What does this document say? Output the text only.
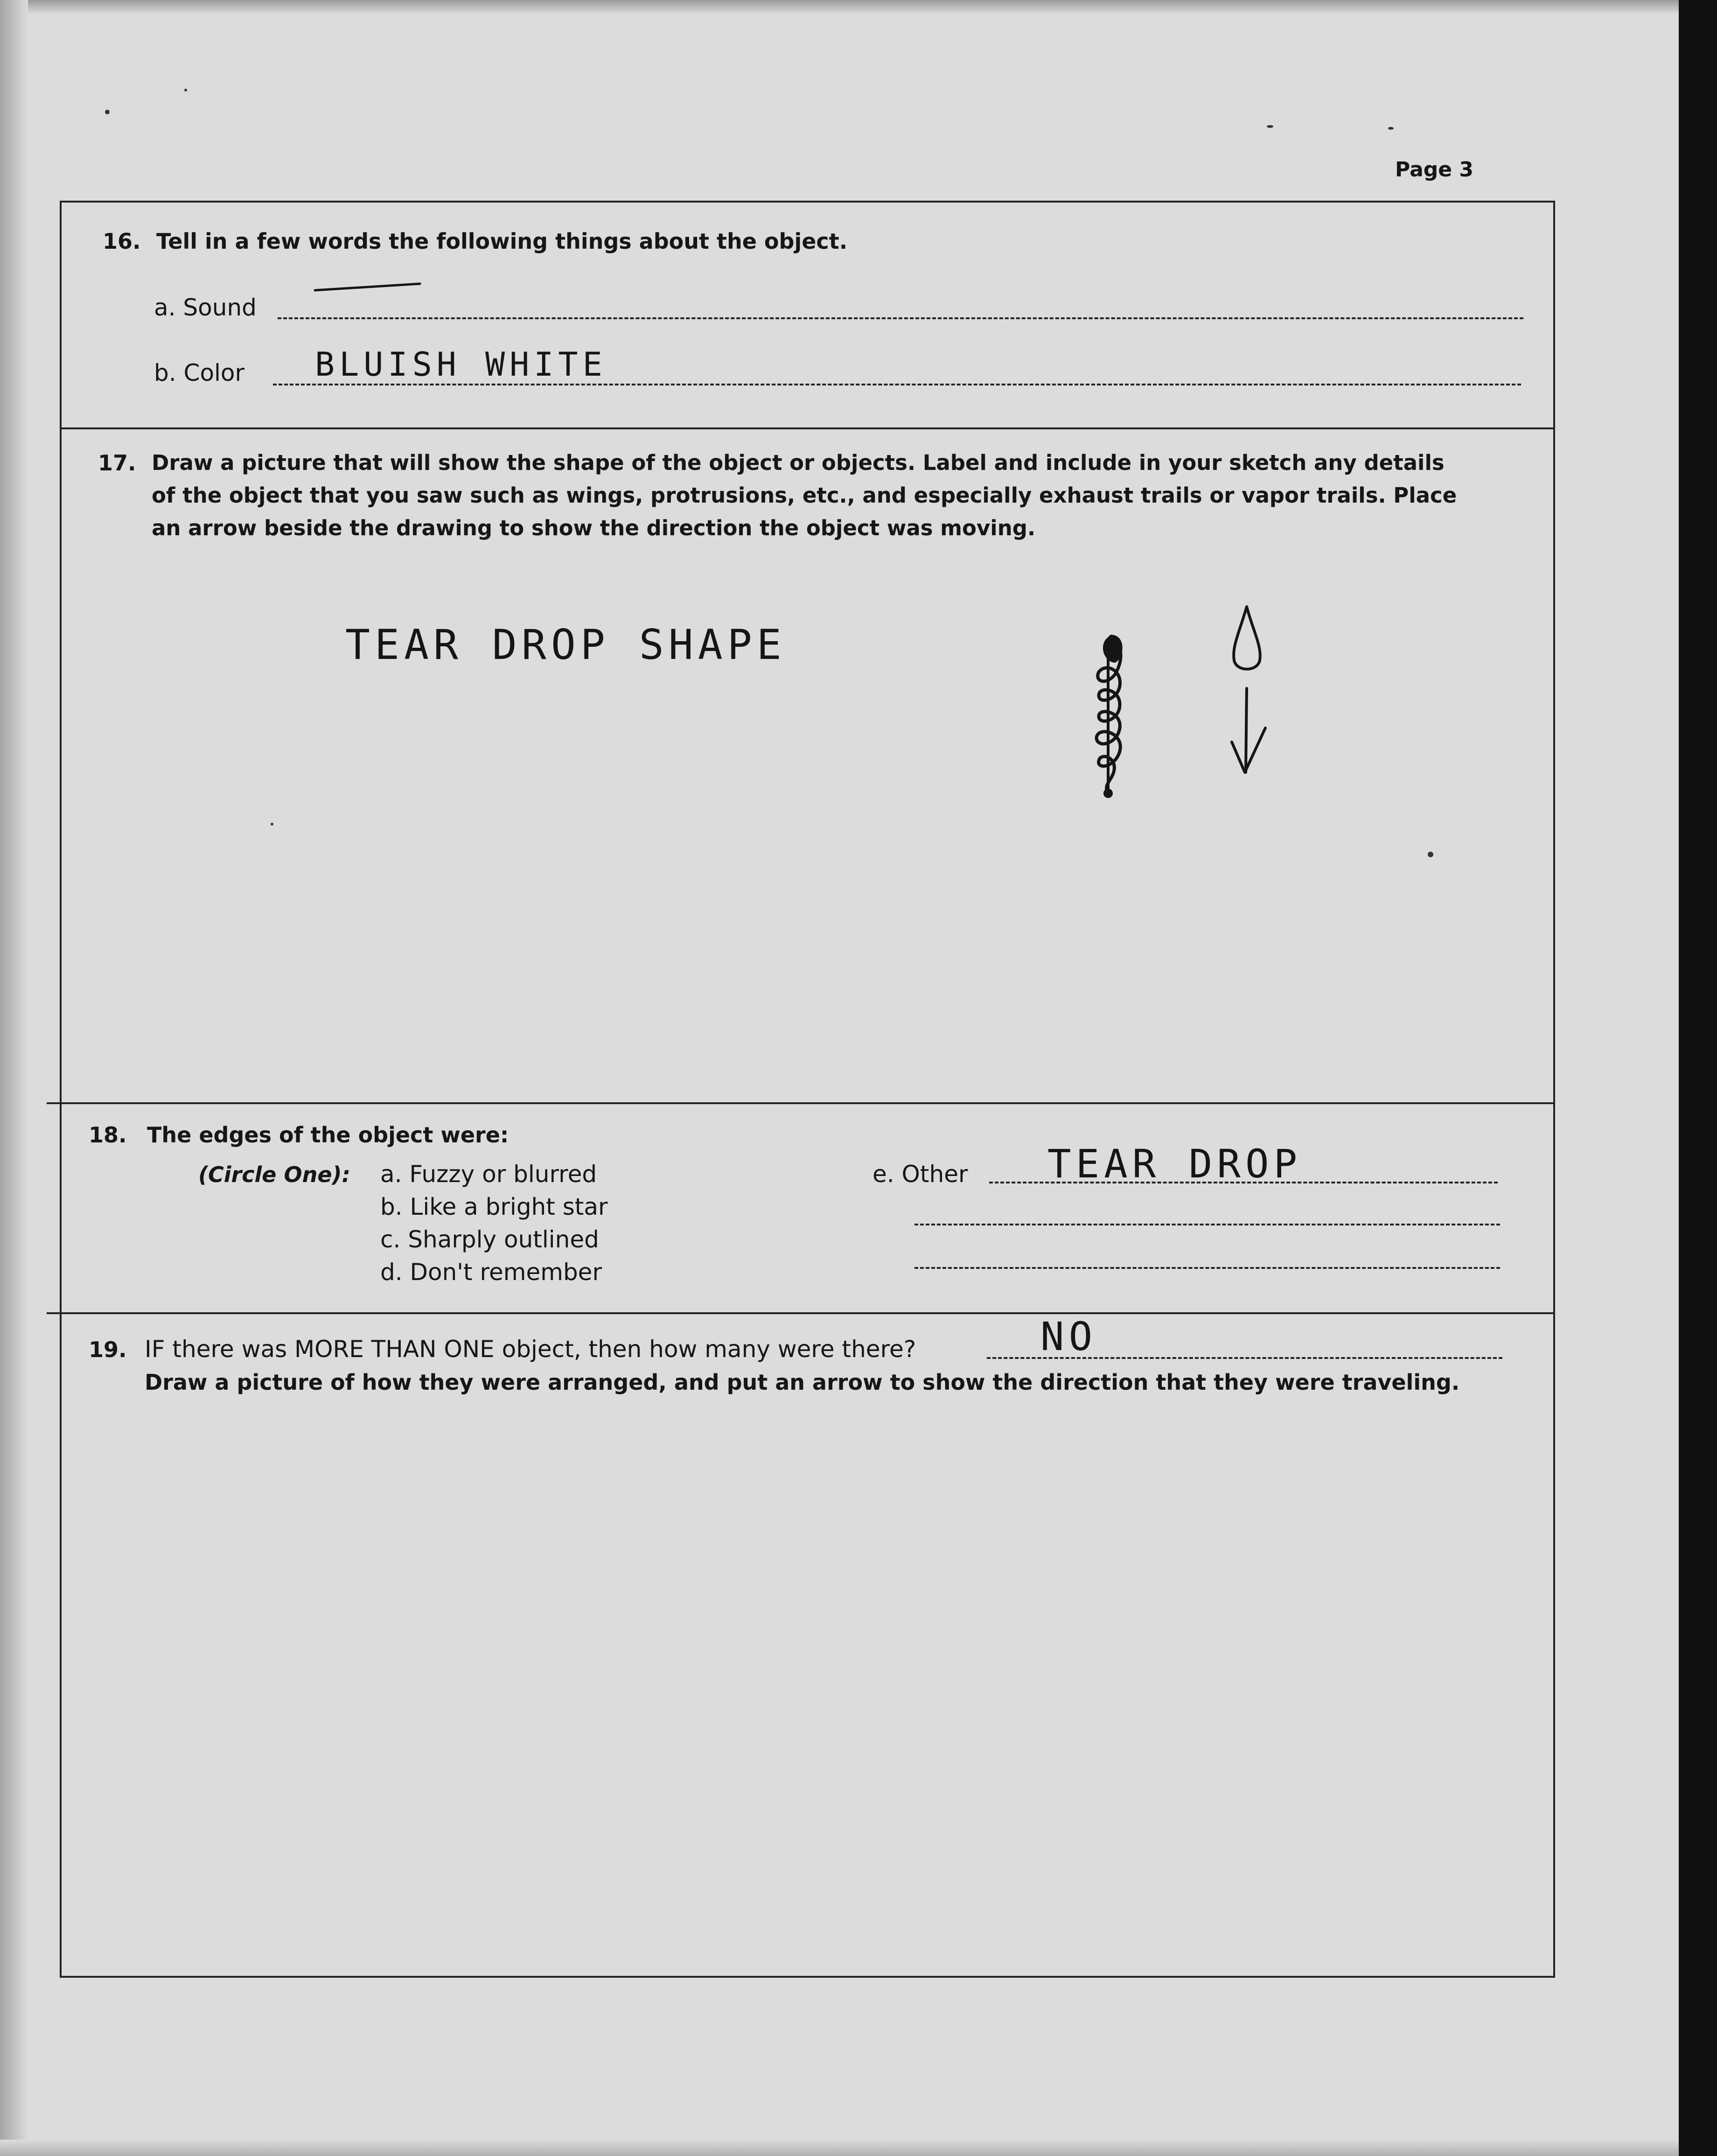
Page 3
16. Tell in a few words the following things about the object.
a. Sound
b. Color BLUISH WHITE
17. Draw a picture that will show the shape of the object or objects. Label and include in your sketch any details
of the object that you saw such as wings, protrusions, etc., and especially exhaust trails or vapor trails. Place
an arrow beside the drawing to show the direction the object was moving.
TEAR DROP SHAPE
18. The edges of the object were:
(Circle One): a. Fuzzy or blurred
b. Like a bright star
c. Sharply outlined
d. Don't remember
e. Other TEAR DROP
19. IF there was MORE THAN ONE object, then how many were there?	NO
Draw a picture of how they were arranged, and put an arrow to show the direction that they were traveling.
